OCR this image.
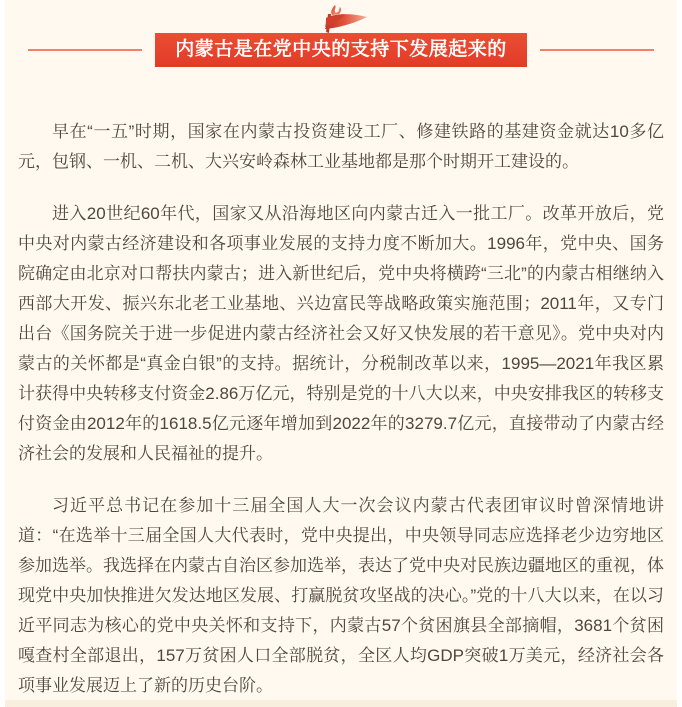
内蒙古是在党中央的支持下发展起来的

早在“一五”时期，国家在内蒙古投资建设工厂、修建铁路的基建资金就达10多亿元，包钢、一机、二机、大兴安岭森林工业基地都是那个时期开工建设的。

进入20世纪60年代，国家又从沿海地区向内蒙古迁入一批工厂。改革开放后，党中央对内蒙古经济建设和各项事业发展的支持力度不断加大。1996年，党中央、国务院确定由北京对口帮扶内蒙古；进入新世纪后，党中央将横跨“三北”的内蒙古相继纳入西部大开发、振兴东北老工业基地、兴边富民等战略政策实施范围；2011年，又专门出台《国务院关于进一步促进内蒙古经济社会又好又快发展的若干意见》。党中央对内蒙古的关怀都是“真金白银”的支持。据统计，分税制改革以来，1995—2021年我区累计获得中央转移支付资金2.86万亿元，特别是党的十八大以来，中央安排我区的转移支付资金由2012年的1618.5亿元逐年增加到2022年的3279.7亿元，直接带动了内蒙古经济社会的发展和人民福祉的提升。

习近平总书记在参加十三届全国人大一次会议内蒙古代表团审议时曾深情地讲道：“在选举十三届全国人大代表时，党中央提出，中央领导同志应选择老少边穷地区参加选举。我选择在内蒙古自治区参加选举，表达了党中央对民族边疆地区的重视，体现党中央加快推进欠发达地区发展、打赢脱贫攻坚战的决心。”党的十八大以来，在以习近平同志为核心的党中央关怀和支持下，内蒙古57个贫困旗县全部摘帽，3681个贫困嘎查村全部退出，157万贫困人口全部脱贫，全区人均GDP突破1万美元，经济社会各项事业发展迈上了新的历史台阶。
